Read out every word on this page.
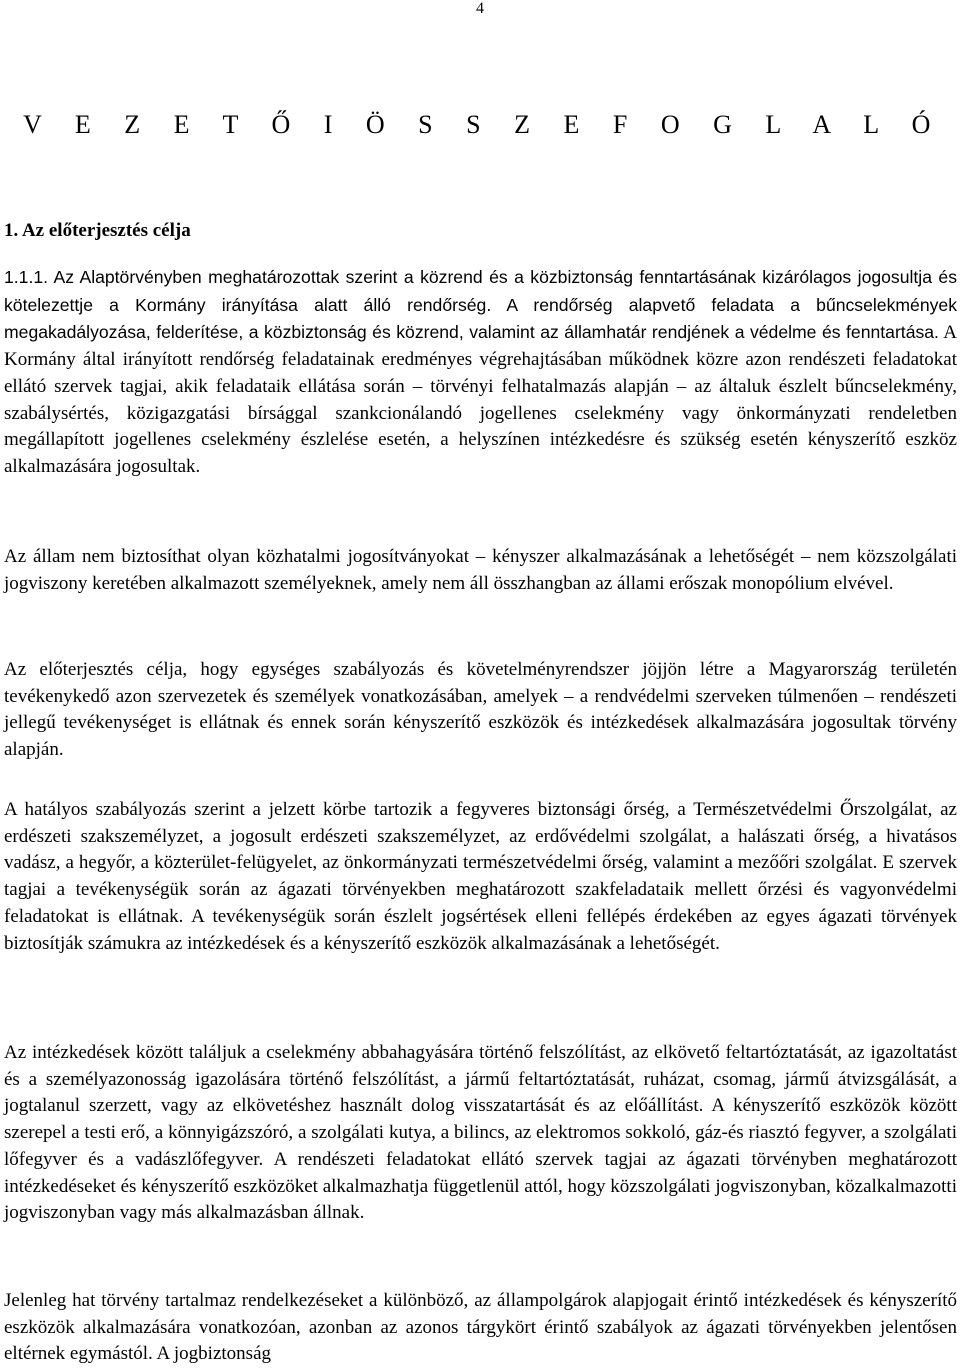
4
V E Z E T Ő I Ö S S Z E F O G L A L Ó
1. Az előterjesztés célja

1.1.1. Az Alaptörvényben meghatározottak szerint a közrend és a közbiztonság fenntartásának kizárólagos jogosultja és kötelezettje a Kormány irányítása alatt álló rendőrség. A rendőrség alapvető feladata a bűncselekmények megakadályozása, felderítése, a közbiztonság és közrend, valamint az államhatár rendjének a védelme és fenntartása. A Kormány által irányított rendőrség feladatainak eredményes végrehajtásában működnek közre azon rendészeti feladatokat ellátó szervek tagjai, akik feladataik ellátása során – törvényi felhatalmazás alapján – az általuk észlelt bűncselekmény, szabálysértés, közigazgatási bírsággal szankcionálandó jogellenes cselekmény vagy önkormányzati rendeletben megállapított jogellenes cselekmény észlelése esetén, a helyszínen intézkedésre és szükség esetén kényszerítő eszköz alkalmazására jogosultak.

Az állam nem biztosíthat olyan közhatalmi jogosítványokat – kényszer alkalmazásának a lehetőségét – nem közszolgálati jogviszony keretében alkalmazott személyeknek, amely nem áll összhangban az állami erőszak monopólium elvével.

Az előterjesztés célja, hogy egységes szabályozás és követelményrendszer jöjjön létre a Magyarország területén tevékenykedő azon szervezetek és személyek vonatkozásában, amelyek – a rendvédelmi szerveken túlmenően – rendészeti jellegű tevékenységet is ellátnak és ennek során kényszerítő eszközök és intézkedések alkalmazására jogosultak törvény alapján.

A hatályos szabályozás szerint a jelzett körbe tartozik a fegyveres biztonsági őrség, a Természetvédelmi Őrszolgálat, az erdészeti szakszemélyzet, a jogosult erdészeti szakszemélyzet, az erdővédelmi szolgálat, a halászati őrség, a hivatásos vadász, a hegyőr, a közterület-felügyelet, az önkormányzati természetvédelmi őrség, valamint a mezőőri szolgálat. E szervek tagjai a tevékenységük során az ágazati törvényekben meghatározott szakfeladataik mellett őrzési és vagyonvédelmi feladatokat is ellátnak. A tevékenységük során észlelt jogsértések elleni fellépés érdekében az egyes ágazati törvények biztosítják számukra az intézkedések és a kényszerítő eszközök alkalmazásának a lehetőségét.

Az intézkedések között találjuk a cselekmény abbahagyására történő felszólítást, az elkövető feltartóztatását, az igazoltatást és a személyazonosság igazolására történő felszólítást, a jármű feltartóztatását, ruházat, csomag, jármű átvizsgálását, a jogtalanul szerzett, vagy az elkövetéshez használt dolog visszatartását és az előállítást. A kényszerítő eszközök között szerepel a testi erő, a könnyigázszóró, a szolgálati kutya, a bilincs, az elektromos sokkoló, gáz-és riasztó fegyver, a szolgálati lőfegyver és a vadászlőfegyver. A rendészeti feladatokat ellátó szervek tagjai az ágazati törvényben meghatározott intézkedéseket és kényszerítő eszközöket alkalmazhatja függetlenül attól, hogy közszolgálati jogviszonyban, közalkalmazotti jogviszonyban vagy más alkalmazásban állnak.

Jelenleg hat törvény tartalmaz rendelkezéseket a különböző, az állampolgárok alapjogait érintő intézkedések és kényszerítő eszközök alkalmazására vonatkozóan, azonban az azonos tárgykört érintő szabályok az ágazati törvényekben jelentősen eltérnek egymástól. A jogbiztonság
